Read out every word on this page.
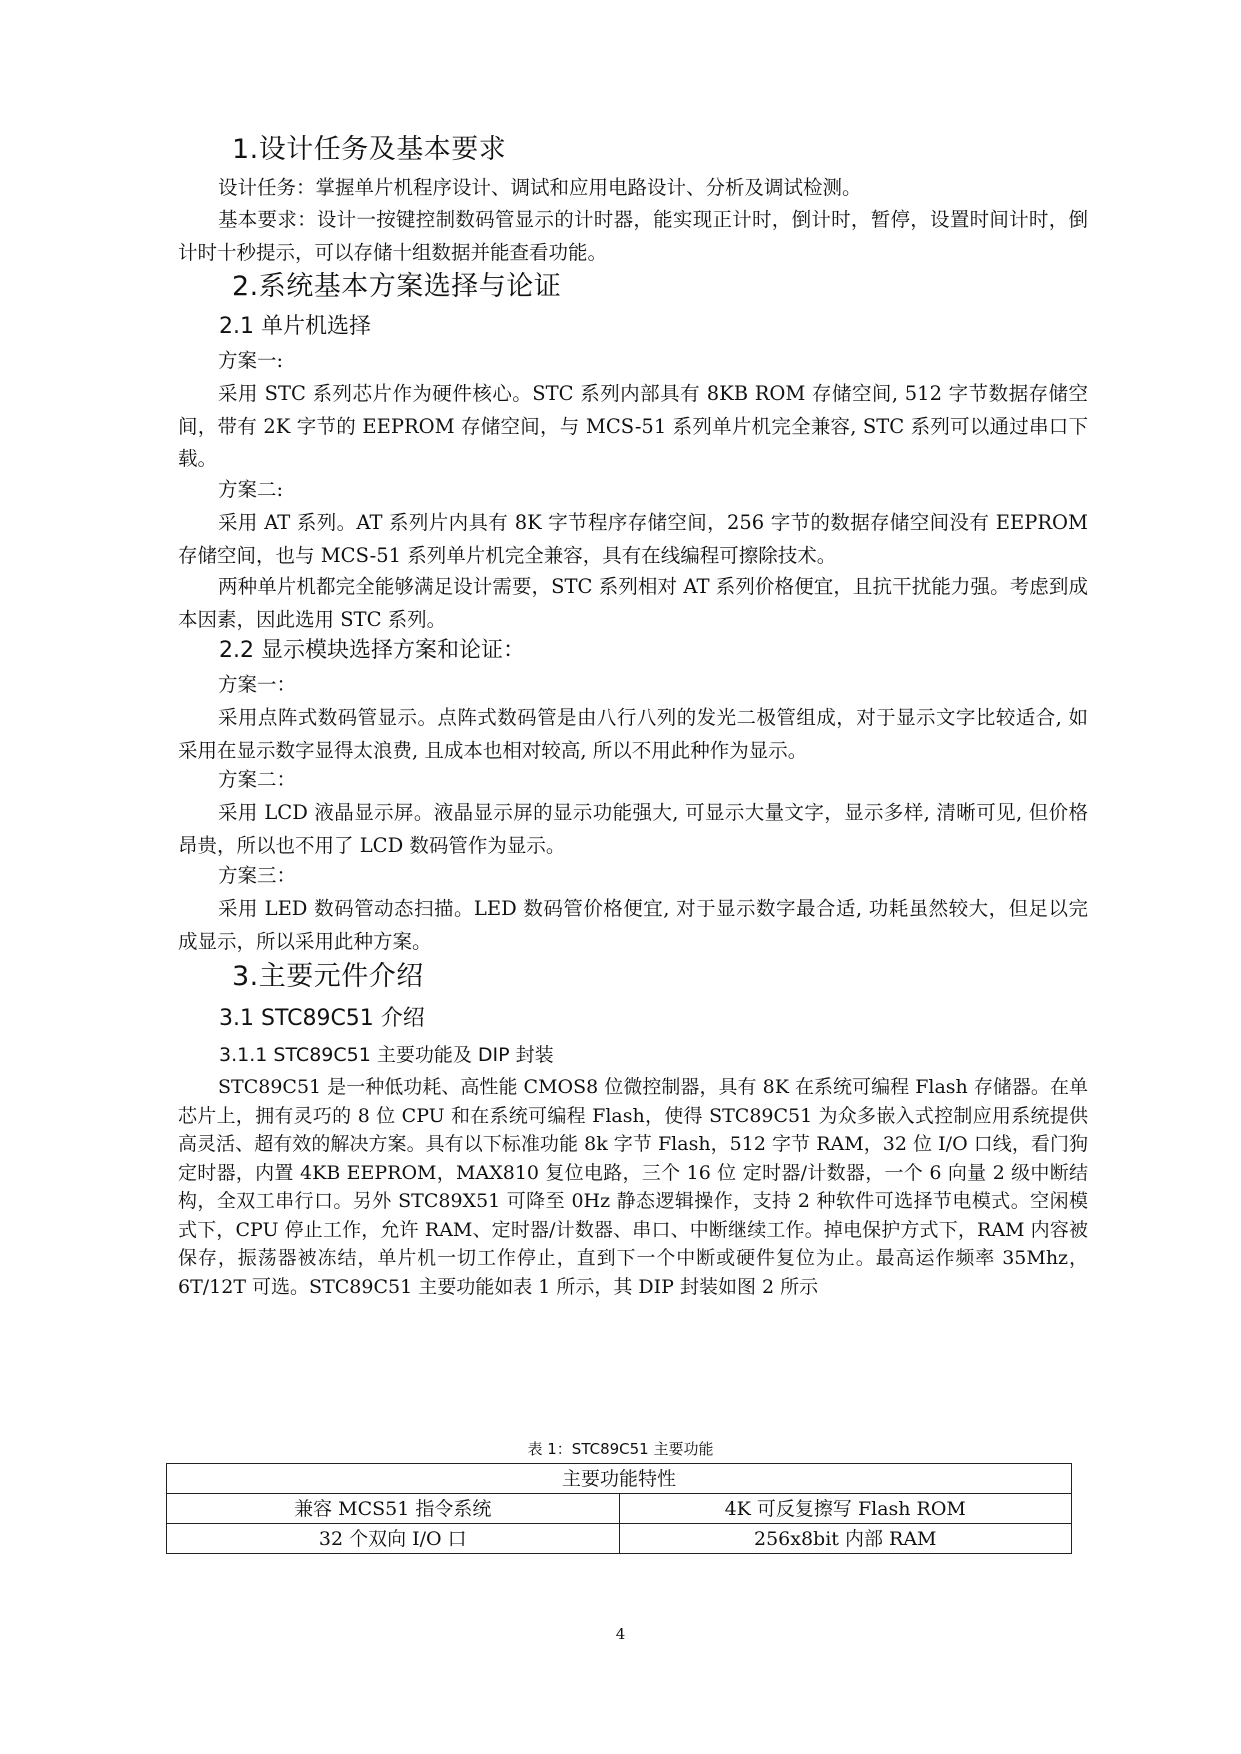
1.设计任务及基本要求
设计任务：掌握单片机程序设计、调试和应用电路设计、分析及调试检测。
基本要求：设计一按键控制数码管显示的计时器，能实现正计时，倒计时，暂停，设置时间计时，倒计时十秒提示，可以存储十组数据并能查看功能。
2.系统基本方案选择与论证
2.1 单片机选择
方案一:
采用 STC 系列芯片作为硬件核心。STC 系列内部具有 8KB ROM 存储空间, 512 字节数据存储空间，带有 2K 字节的 EEPROM 存储空间，与 MCS-51 系列单片机完全兼容, STC 系列可以通过串口下载。
方案二:
采用 AT 系列。AT 系列片内具有 8K 字节程序存储空间，256 字节的数据存储空间没有 EEPROM 存储空间，也与 MCS-51 系列单片机完全兼容，具有在线编程可擦除技术。
两种单片机都完全能够满足设计需要，STC 系列相对 AT 系列价格便宜，且抗干扰能力强。考虑到成本因素，因此选用 STC 系列。
2.2 显示模块选择方案和论证：
方案一：
采用点阵式数码管显示。点阵式数码管是由八行八列的发光二极管组成，对于显示文字比较适合, 如采用在显示数字显得太浪费, 且成本也相对较高, 所以不用此种作为显示。
方案二：
采用 LCD 液晶显示屏。液晶显示屏的显示功能强大, 可显示大量文字，显示多样, 清晰可见, 但价格昂贵，所以也不用了 LCD 数码管作为显示。
方案三：
采用 LED 数码管动态扫描。LED 数码管价格便宜, 对于显示数字最合适, 功耗虽然较大，但足以完成显示，所以采用此种方案。
3.主要元件介绍
3.1 STC89C51 介绍
3.1.1 STC89C51 主要功能及 DIP 封装
STC89C51 是一种低功耗、高性能 CMOS8 位微控制器，具有 8K 在系统可编程 Flash 存储器。在单芯片上，拥有灵巧的 8 位 CPU 和在系统可编程 Flash，使得 STC89C51 为众多嵌入式控制应用系统提供高灵活、超有效的解决方案。具有以下标准功能 8k 字节 Flash，512 字节 RAM，32 位 I/O 口线，看门狗定时器，内置 4KB EEPROM，MAX810 复位电路，三个 16 位 定时器/计数器，一个 6 向量 2 级中断结构，全双工串行口。另外 STC89X51 可降至 0Hz 静态逻辑操作，支持 2 种软件可选择节电模式。空闲模式下，CPU 停止工作，允许 RAM、定时器/计数器、串口、中断继续工作。掉电保护方式下，RAM 内容被保存，振荡器被冻结，单片机一切工作停止，直到下一个中断或硬件复位为止。最高运作频率 35Mhz，6T/12T 可选。STC89C51 主要功能如表 1 所示，其 DIP 封装如图 2 所示
表 1：STC89C51 主要功能
主要功能特性	
兼容 MCS51 指令系统	4K 可反复擦写 Flash ROM
32 个双向 I/O 口	256x8bit 内部 RAM
4
